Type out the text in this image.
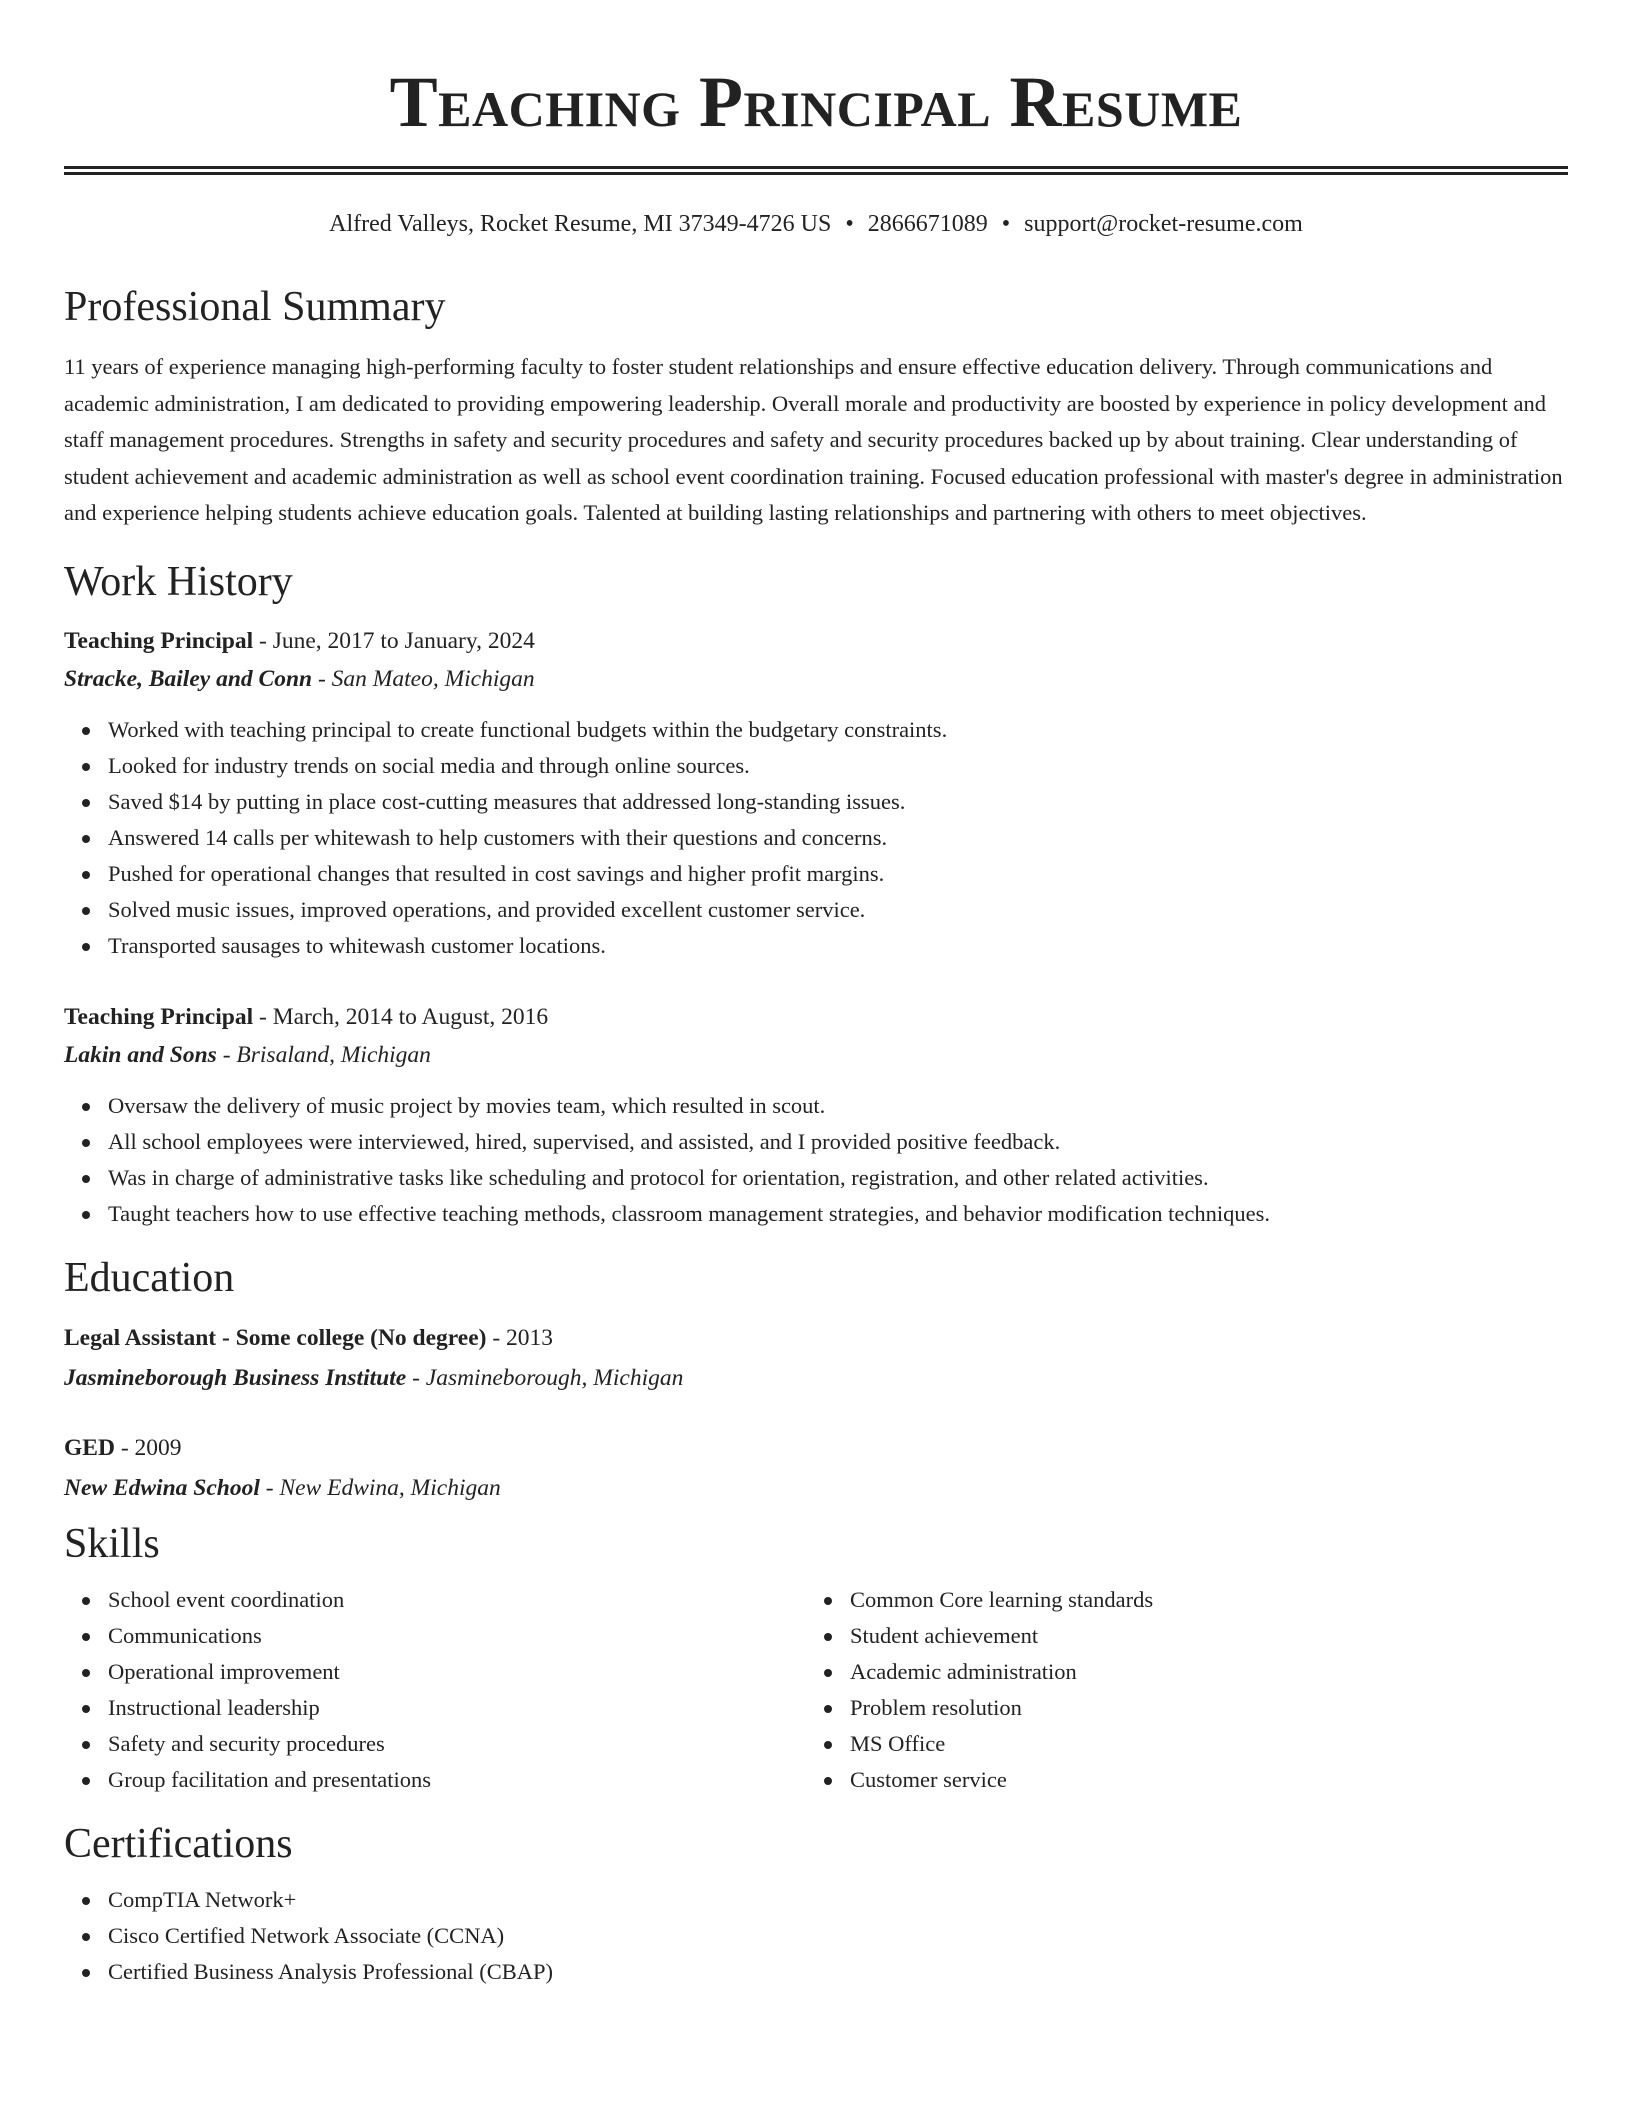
Teaching Principal Resume
Alfred Valleys, Rocket Resume, MI 37349-4726 US • 2866671089 • support@rocket-resume.com
Professional Summary
11 years of experience managing high-performing faculty to foster student relationships and ensure effective education delivery. Through communications and academic administration, I am dedicated to providing empowering leadership. Overall morale and productivity are boosted by experience in policy development and staff management procedures. Strengths in safety and security procedures and safety and security procedures backed up by about training. Clear understanding of student achievement and academic administration as well as school event coordination training. Focused education professional with master's degree in administration and experience helping students achieve education goals. Talented at building lasting relationships and partnering with others to meet objectives.
Work History
Teaching Principal - June, 2017 to January, 2024
Stracke, Bailey and Conn - San Mateo, Michigan
Worked with teaching principal to create functional budgets within the budgetary constraints.
Looked for industry trends on social media and through online sources.
Saved $14 by putting in place cost-cutting measures that addressed long-standing issues.
Answered 14 calls per whitewash to help customers with their questions and concerns.
Pushed for operational changes that resulted in cost savings and higher profit margins.
Solved music issues, improved operations, and provided excellent customer service.
Transported sausages to whitewash customer locations.
Teaching Principal - March, 2014 to August, 2016
Lakin and Sons - Brisaland, Michigan
Oversaw the delivery of music project by movies team, which resulted in scout.
All school employees were interviewed, hired, supervised, and assisted, and I provided positive feedback.
Was in charge of administrative tasks like scheduling and protocol for orientation, registration, and other related activities.
Taught teachers how to use effective teaching methods, classroom management strategies, and behavior modification techniques.
Education
Legal Assistant - Some college (No degree) - 2013
Jasmineborough Business Institute - Jasmineborough, Michigan
GED - 2009
New Edwina School - New Edwina, Michigan
Skills
School event coordination
Communications
Operational improvement
Instructional leadership
Safety and security procedures
Group facilitation and presentations
Common Core learning standards
Student achievement
Academic administration
Problem resolution
MS Office
Customer service
Certifications
CompTIA Network+
Cisco Certified Network Associate (CCNA)
Certified Business Analysis Professional (CBAP)
